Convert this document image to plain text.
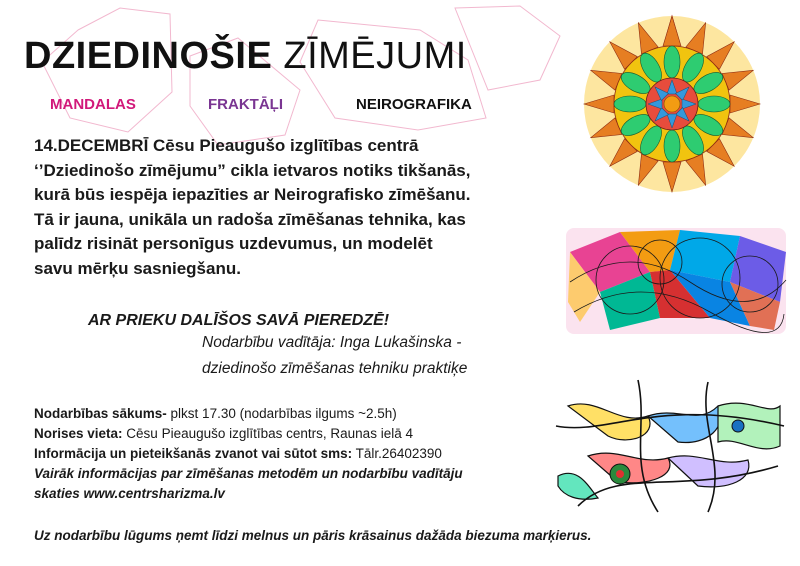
DZIEDINOŠIE ZĪMĒJUMI
MANDALAS	FRAKTĀĻI	NEIROGRAFIKA
14.DECEMBRĪ Cēsu Pieaugušo izglītības centrā
‘’Dziedinošo zīmējumu” cikla ietvaros notiks tikšanās,
kurā būs iespēja iepazīties ar Neirografisko zīmēšanu.
Tā ir jauna, unikāla un radoša zīmēšanas tehnika, kas
palīdz risināt personīgus uzdevumus, un modelēt
savu mērķu sasniegšanu.
AR PRIEKU DALĪŠOS SAVĀ PIEREDZĒ!
Nodarbību vadītāja: Inga Lukašinska -
dziedinošo zīmēšanas tehniku praktiķe
Nodarbības sākums- plkst 17.30 (nodarbības ilgums ~2.5h)
Norises vieta: Cēsu Pieaugušo izglītības centrs, Raunas ielā 4
Informācija un pieteikšanās zvanot vai sūtot sms: Tālr.26402390
Vairāk informācijas par zīmēšanas metodēm un nodarbību vadītāju
skaties www.centrsharizma.lv
Uz nodarbību lūgums ņemt līdzi melnus un pāris krāsainus dažāda biezuma marķierus.
